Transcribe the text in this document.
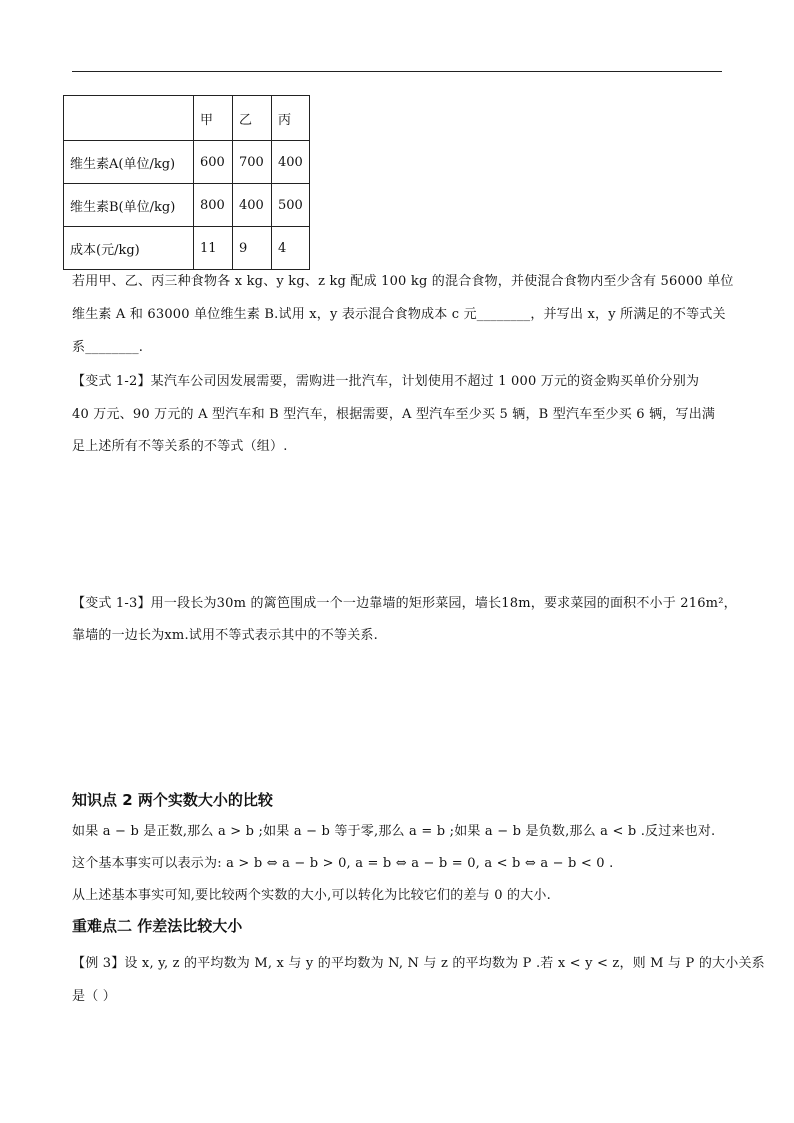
	甲	乙	丙
维生素A(单位/kg)	600	700	400
维生素B(单位/kg)	800	400	500
成本(元/kg)	11	9	4
若用甲、乙、丙三种食物各 x kg、y kg、z kg 配成 100 kg 的混合食物，并使混合食物内至少含有 56000 单位
维生素 A 和 63000 单位维生素 B.试用 x，y 表示混合食物成本 c 元________，并写出 x，y 所满足的不等式关
系________.
【变式 1-2】某汽车公司因发展需要，需购进一批汽车，计划使用不超过 1 000 万元的资金购买单价分别为
40 万元、90 万元的 A 型汽车和 B 型汽车，根据需要，A 型汽车至少买 5 辆，B 型汽车至少买 6 辆，写出满
足上述所有不等关系的不等式（组）.
【变式 1-3】用一段长为30m 的篱笆围成一个一边靠墙的矩形菜园，墙长18m，要求菜园的面积不小于 216m²，
靠墙的一边长为xm.试用不等式表示其中的不等关系.
知识点 2 两个实数大小的比较
如果 a − b 是正数,那么 a > b ;如果 a − b 等于零,那么 a = b ;如果 a − b 是负数,那么 a < b .反过来也对.
这个基本事实可以表示为: a > b ⇔ a − b > 0, a = b ⇔ a − b = 0, a < b ⇔ a − b < 0 .
从上述基本事实可知,要比较两个实数的大小,可以转化为比较它们的差与 0 的大小.
重难点二 作差法比较大小
【例 3】设 x, y, z 的平均数为 M, x 与 y 的平均数为 N, N 与 z 的平均数为 P .若 x < y < z，则 M 与 P 的大小关系
是（ ）
